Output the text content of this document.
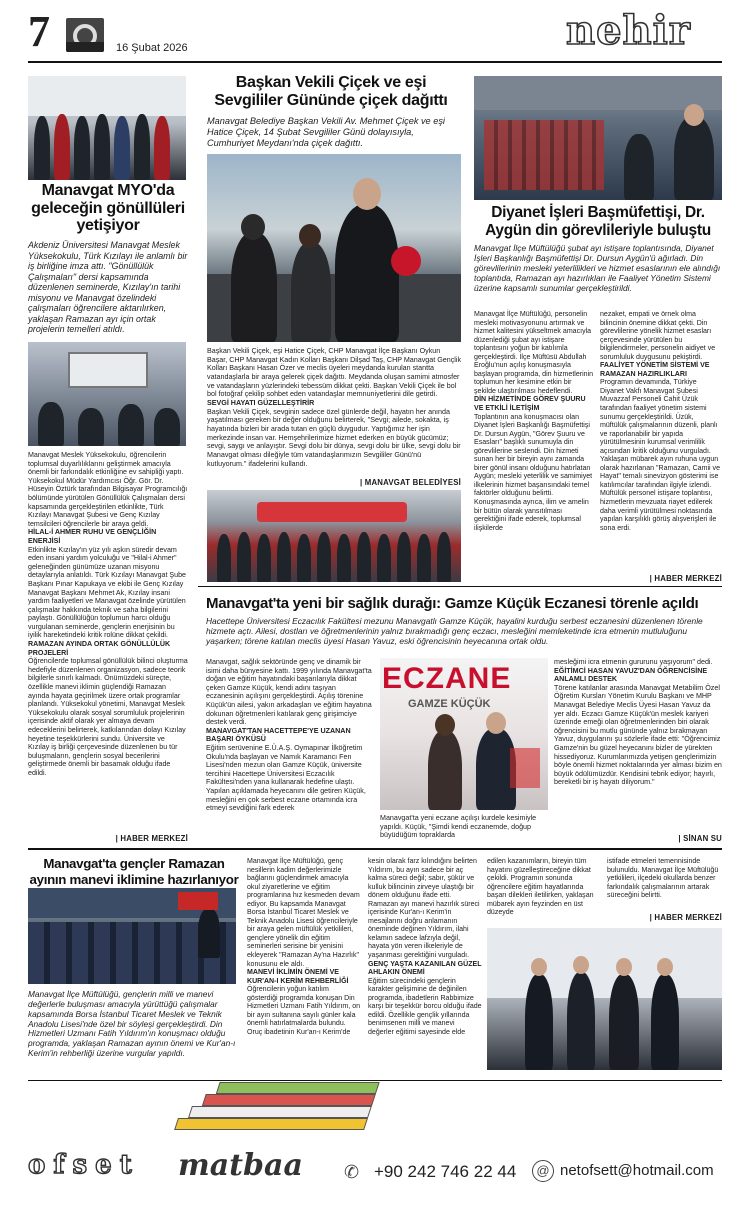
7	16 Şubat 2026	nehir
Manavgat MYO'da geleceğin gönüllüleri yetişiyor

Akdeniz Üniversitesi Manavgat Meslek Yüksekokulu, Türk Kızılayı ile anlamlı bir iş birliğine imza attı. "Gönüllülük Çalışmaları" dersi kapsamında düzenlenen seminerde, Kızılay'ın tarihi misyonu ve Manavgat özelindeki çalışmaları öğrencilere aktarılırken, yaklaşan Ramazan ayı için ortak projelerin temelleri atıldı.

Manavgat Meslek Yüksekokulu, öğrencilerin toplumsal duyarlılıklarını geliştirmek amacıyla önemli bir farkındalık etkinliğine ev sahipliği yaptı. Yüksekokul Müdür Yardımcısı Öğr. Gör. Dr. Hüseyin Öztürk tarafından Bilgisayar Programcılığı bölümünde yürütülen Gönüllülük Çalışmaları dersi kapsamında gerçekleştirilen etkinlikte, Türk Kızılayı Manavgat Şubesi ve Genç Kızılay temsilcileri öğrencilerle bir araya geldi.

HİLAL-İ AHMER RUHU VE GENÇLİĞİN ENERJİSİ

Etkinlikte Kızılay'ın yüz yılı aşkın süredir devam eden insani yardım yolculuğu ve "Hilal-i Ahmer" geleneğinden günümüze uzanan misyonu detaylarıyla anlatıldı. Türk Kızılayı Manavgat Şube Başkanı Pınar Kapukaya ve ekibi ile Genç Kızılay Manavgat Başkanı Mehmet Ak, Kızılay insani yardım faaliyetleri ve Manavgat özelinde yürütülen çalışmalar hakkında teknik ve saha bilgilerini paylaştı. Gönüllülüğün toplumun harcı olduğu vurgulanan seminerde, gençlerin enerjisinin bu iyilik hareketindeki kritik rolüne dikkat çekildi.

RAMAZAN AYINDA ORTAK GÖNÜLLÜLÜK PROJELERİ

Öğrencilerde toplumsal gönüllülük bilinci oluşturma hedefiyle düzenlenen organizasyon, sadece teorik bilgilerle sınırlı kalmadı. Önümüzdeki süreçte, özellikle manevi iklimin güçlendiği Ramazan ayında hayata geçirilmek üzere ortak programlar planlandı. Yüksekokul yönetimi, Manavgat Meslek Yüksekokulu olarak sosyal sorumluluk projelerinin içerisinde aktif olarak yer almaya devam edeceklerini belirterek, katkılarından dolayı Kızılay heyetine teşekkürlerini sundu. Üniversite ve Kızılay iş birliği çerçevesinde düzenlenen bu tür buluşmaların, gençlerin sosyal becerilerini geliştirmede önemli bir basamak olduğu ifade edildi.

| HABER MERKEZİ
Başkan Vekili Çiçek ve eşi Sevgililer Gününde çiçek dağıttı

Manavgat Belediye Başkan Vekili Av. Mehmet Çiçek ve eşi Hatice Çiçek, 14 Şubat Sevgililer Günü dolayısıyla, Cumhuriyet Meydanı'nda çiçek dağıttı.

Başkan Vekili Çiçek, eşi Hatice Çiçek, CHP Manavgat İlçe Başkanı Oykun Başar, CHP Manavgat Kadın Kolları Başkanı Dilşad Taş, CHP Manavgat Gençlik Kolları Başkanı Hasan Özer ve meclis üyeleri meydanda kurulan stantta vatandaşlarla bir araya gelerek çiçek dağıttı. Meydanda oluşan samimi atmosfer ve vatandaşların yüzlerindeki tebessüm dikkat çekti. Başkan Vekili Çiçek ile bol bol fotoğraf çekilip sohbet eden vatandaşlar memnuniyetlerini dile getirdi.

SEVGİ HAYATI GÜZELLEŞTİRİR

Başkan Vekili Çiçek, sevginin sadece özel günlerde değil, hayatın her anında yaşatılması gereken bir değer olduğunu belirterek, "Sevgi; ailede, sokakta, iş hayatında bizleri bir arada tutan en güçlü duygudur. Yaptığımız her işin merkezinde insan var. Hemşehrilerimize hizmet ederken en büyük gücümüz; sevgi, saygı ve anlayıştır. Sevgi dolu bir dünya, sevgi dolu bir ülke, sevgi dolu bir Manavgat olması dileğiyle tüm vatandaşlarımızın Sevgililer Günü'nü kutluyorum." ifadelerini kullandı.

| MANAVGAT BELEDİYESİ
Diyanet İşleri Başmüfettişi, Dr. Aygün din görevlileriyle buluştu

Manavgat İlçe Müftülüğü şubat ayı istişare toplantısında, Diyanet İşleri Başkanlığı Başmüfettişi Dr. Dursun Aygün'ü ağırladı. Din görevlilerinin mesleki yeterlilikleri ve hizmet esaslarının ele alındığı toplantıda, Ramazan ayı hazırlıkları ile Faaliyet Yönetim Sistemi üzerine kapsamlı sunumlar gerçekleştirildi.

Manavgat İlçe Müftülüğü, personelin mesleki motivasyonunu artırmak ve hizmet kalitesini yükseltmek amacıyla düzenlediği şubat ayı istişare toplantısını yoğun bir katılımla gerçekleştirdi. İlçe Müftüsü Abdullah Eroğlu'nun açılış konuşmasıyla başlayan programda, din hizmetlerinin toplumun her kesimine etkin bir şekilde ulaştırılması hedeflendi.

DİN HİZMETİNDE GÖREV ŞUURU VE ETKİLİ İLETİŞİM

Toplantının ana konuşmacısı olan Diyanet İşleri Başkanlığı Başmüfettişi Dr. Dursun Aygün, "Görev Şuuru ve Esasları" başlıklı sunumuyla din görevlilerine seslendi. Din hizmeti sunan her bir bireyin aynı zamanda birer gönül insanı olduğunu hatırlatan Aygün; mesleki yeterlilik ve samimiyet ilkelerinin hizmet başarısındaki temel faktörler olduğunu belirtti. Konuşmasında ayrıca, ilim ve amelin bir bütün olarak yansıtılması gerektiğini ifade ederek, toplumsal ilişkilerde

nezaket, empati ve örnek olma bilincinin önemine dikkat çekti. Din görevlilerine yönelik hizmet esasları çerçevesinde yürütülen bu bilgilendirmeler, personelin aidiyet ve sorumluluk duygusunu pekiştirdi.

FAALİYET YÖNETİM SİSTEMİ VE RAMAZAN HAZIRLIKLARI

Programın devamında, Türkiye Diyanet Vakfı Manavgat Şubesi Muvazzaf Personeli Cahit Üzük tarafından faaliyet yönetim sistemi sunumu gerçekleştirildi. Üzük, müftülük çalışmalarının düzenli, planlı ve raporlanabilir bir yapıda yürütülmesinin kurumsal verimlilik açısından kritik olduğunu vurguladı. Yaklaşan mübarek ayın ruhuna uygun olarak hazırlanan "Ramazan, Camii ve Hayat" temalı sinevizyon gösterimi ise katılımcılar tarafından ilgiyle izlendi. Müftülük personel istişare toplantısı, hizmetlerin mevzuata riayet edilerek daha verimli yürütülmesi noktasında yapılan karşılıklı görüş alışverişleri ile sona erdi.

| HABER MERKEZİ
Manavgat'ta yeni bir sağlık durağı: Gamze Küçük Eczanesi törenle açıldı

Hacettepe Üniversitesi Eczacılık Fakültesi mezunu Manavgatlı Gamze Küçük, hayalini kurduğu serbest eczanesini düzenlenen törenle hizmete açtı. Ailesi, dostları ve öğretmenlerinin yalnız bırakmadığı genç eczacı, mesleğini memleketinde icra etmenin mutluluğunu yaşarken; törene katılan meclis üyesi Hasan Yavuz, eski öğrencisinin heyecanına ortak oldu.

Manavgat, sağlık sektöründe genç ve dinamik bir isimi daha bünyesine kattı. 1999 yılında Manavgat'ta doğan ve eğitim hayatındaki başarılarıyla dikkat çeken Gamze Küçük, kendi adını taşıyan eczanesinin açılışını gerçekleştirdi. Açılış törenine Küçük'ün ailesi, yakın arkadaşları ve eğitim hayatına dokunan öğretmenleri katılarak genç girişimciye destek verdi.

MANAVGAT'TAN HACETTEPE'YE UZANAN BAŞARI ÖYKÜSÜ

Eğitim serüvenine E.Ü.A.Ş. Oymapınar İlköğretim Okulu'nda başlayan ve Namık Karamancı Fen Lisesi'nden mezun olan Gamze Küçük, üniversite tercihini Hacettepe Üniversitesi Eczacılık Fakültesi'nden yana kullanarak hedefine ulaştı. Yapılan açıklamada heyecanını dile getiren Küçük, mesleğini en çok serbest eczane ortamında icra etmeyi sevdiğini fark ederek

ECZANE
GAMZE KÜÇÜK

Manavgat'ta yeni eczane açılışı kurdele kesimiyle yapıldı. Küçük, "Şimdi kendi eczanemde, doğup büyüdüğüm topraklarda

mesleğimi icra etmenin gururunu yaşıyorum" dedi.

EĞİTİMCİ HASAN YAVUZ'DAN ÖĞRENCİSİNE ANLAMLI DESTEK

Törene katılanlar arasında Manavgat Metabilim Özel Öğretim Kursları Yönetim Kurulu Başkanı ve MHP Manavgat Belediye Meclis Üyesi Hasan Yavuz da yer aldı. Eczacı Gamze Küçük'ün meslek kariyeri üzerinde emeği olan öğretmenlerinden biri olarak öğrencisini bu mutlu gününde yalnız bırakmayan Yavuz, duygularını şu sözlerle ifade etti: "Öğrencimiz Gamze'nin bu güzel heyecanını bizler de yürekten hissediyoruz. Kurumlarımızda yetişen gençlerimizin böyle önemli hizmet noktalarında yer alması bizim en büyük ödülümüzdür. Kendisini tebrik ediyor; hayırlı, bereketli bir iş hayatı diliyorum."

| SİNAN SU
Manavgat'ta gençler Ramazan ayının manevi iklimine hazırlanıyor

Manavgat İlçe Müftülüğü, gençlerin milli ve manevi değerlerle buluşması amacıyla yürüttüğü çalışmalar kapsamında Borsa İstanbul Ticaret Meslek ve Teknik Anadolu Lisesi'nde özel bir söyleşi gerçekleştirdi. Din Hizmetleri Uzmanı Fatih Yıldırım'ın konuşmacı olduğu programda, yaklaşan Ramazan ayının önemi ve Kur'an-ı Kerim'in rehberliği üzerine vurgular yapıldı.

Manavgat İlçe Müftülüğü, genç nesillerin kadim değerlerimizle bağlarını güçlendirmek amacıyla okul ziyaretlerine ve eğitim programlarına hız kesmeden devam ediyor. Bu kapsamda Manavgat Borsa İstanbul Ticaret Meslek ve Teknik Anadolu Lisesi öğrencileriyle bir araya gelen müftülük yetkilileri, gençlere yönelik din eğitim seminerleri serisine bir yenisini ekleyerek "Ramazan Ay'na Hazırlık" konusunu ele aldı.

MANEVİ İKLİMİN ÖNEMİ VE KUR'AN-I KERİM REHBERLİĞİ

Öğrencilerin yoğun katılım gösterdiği programda konuşan Din Hizmetleri Uzmanı Fatih Yıldırım, on bir ayın sultanına sayılı günler kala önemli hatırlatmalarda bulundu. Oruç ibadetinin Kur'an-ı Kerim'de

kesin olarak farz kılındığını belirten Yıldırım, bu ayın sadece bir aç kalma süreci değil; sabır, şükür ve kulluk bilincinin zirveye ulaştığı bir dönem olduğunu ifade etti. Ramazan ayı manevi hazırlık süreci içerisinde Kur'an-ı Kerim'in mesajlarını doğru anlamanın öneminde değinen Yıldırım, ilahi kelamın sadece lafzıyla değil, hayata yön veren ilkeleriyle de yaşanması gerektiğini vurguladı.

GENÇ YAŞTA KAZANILAN GÜZEL AHLAKIN ÖNEMİ

Eğitim sürecindeki gençlerin karakter gelişimine de değinilen programda, ibadetlerin Rabbimize karşı bir teşekkür borcu olduğu ifade edildi. Özellikle gençlik yıllarında benimsenen milli ve manevi değerler eğitimi sayesinde elde

edilen kazanımların, bireyin tüm hayatını güzelleştireceğine dikkat çekildi. Programın sonunda öğrencilere eğitim hayatlarında başarı dilekleri iletilirken, yaklaşan mübarek ayın feyzinden en üst düzeyde

istifade etmeleri temennisinde bulunuldu. Manavgat İlçe Müftülüğü yetkilileri, ilçedeki okullarda benzer farkındalık çalışmalarının artarak süreceğini belirtti.

| HABER MERKEZİ
ofset	matbaa ✆ +90 242 746 22 44	@ netofsett@hotmail.com
